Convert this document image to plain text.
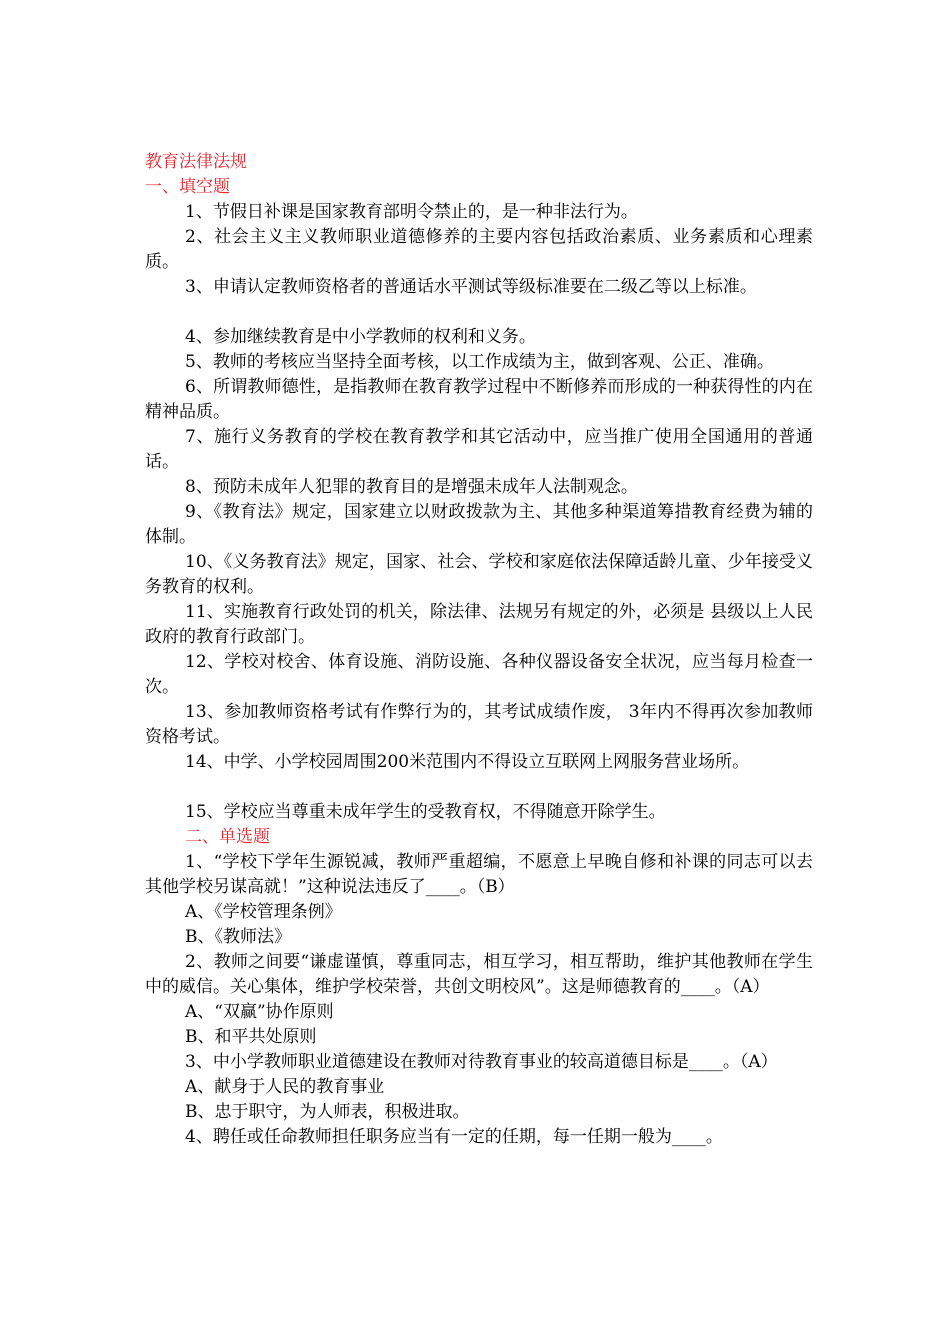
教育法律法规
一、填空题
1、节假日补课是国家教育部明令禁止的，是一种非法行为。
2、社会主义主义教师职业道德修养的主要内容包括政治素质、业务素质和心理素质。
3、申请认定教师资格者的普通话水平测试等级标准要在二级乙等以上标准。
4、参加继续教育是中小学教师的权利和义务。
5、教师的考核应当坚持全面考核，以工作成绩为主，做到客观、公正、准确。
6、所谓教师德性，是指教师在教育教学过程中不断修养而形成的一种获得性的内在精神品质。
7、施行义务教育的学校在教育教学和其它活动中，应当推广使用全国通用的普通话。
8、预防未成年人犯罪的教育目的是增强未成年人法制观念。
9、《教育法》规定，国家建立以财政拨款为主、其他多种渠道筹措教育经费为辅的体制。
10、《义务教育法》规定，国家、社会、学校和家庭依法保障适龄儿童、少年接受义务教育的权利。
11、实施教育行政处罚的机关，除法律、法规另有规定的外，必须是 县级以上人民政府的教育行政部门。
12、学校对校舍、体育设施、消防设施、各种仪器设备安全状况，应当每月检查一次。
13、参加教师资格考试有作弊行为的，其考试成绩作废， 3年内不得再次参加教师资格考试。
14、中学、小学校园周围200米范围内不得设立互联网上网服务营业场所。
15、学校应当尊重未成年学生的受教育权，不得随意开除学生。
二、单选题
1、“学校下学年生源锐减，教师严重超编，不愿意上早晚自修和补课的同志可以去其他学校另谋高就！”这种说法违反了____。（B）
A、《学校管理条例》
B、《教师法》
2、教师之间要“谦虚谨慎，尊重同志，相互学习，相互帮助，维护其他教师在学生中的威信。关心集体，维护学校荣誉，共创文明校风”。这是师德教育的____。（A）
A、“双赢”协作原则
B、和平共处原则
3、中小学教师职业道德建设在教师对待教育事业的较高道德目标是____。（A）
A、献身于人民的教育事业
B、忠于职守，为人师表，积极进取。
4、聘任或任命教师担任职务应当有一定的任期，每一任期一般为____。
